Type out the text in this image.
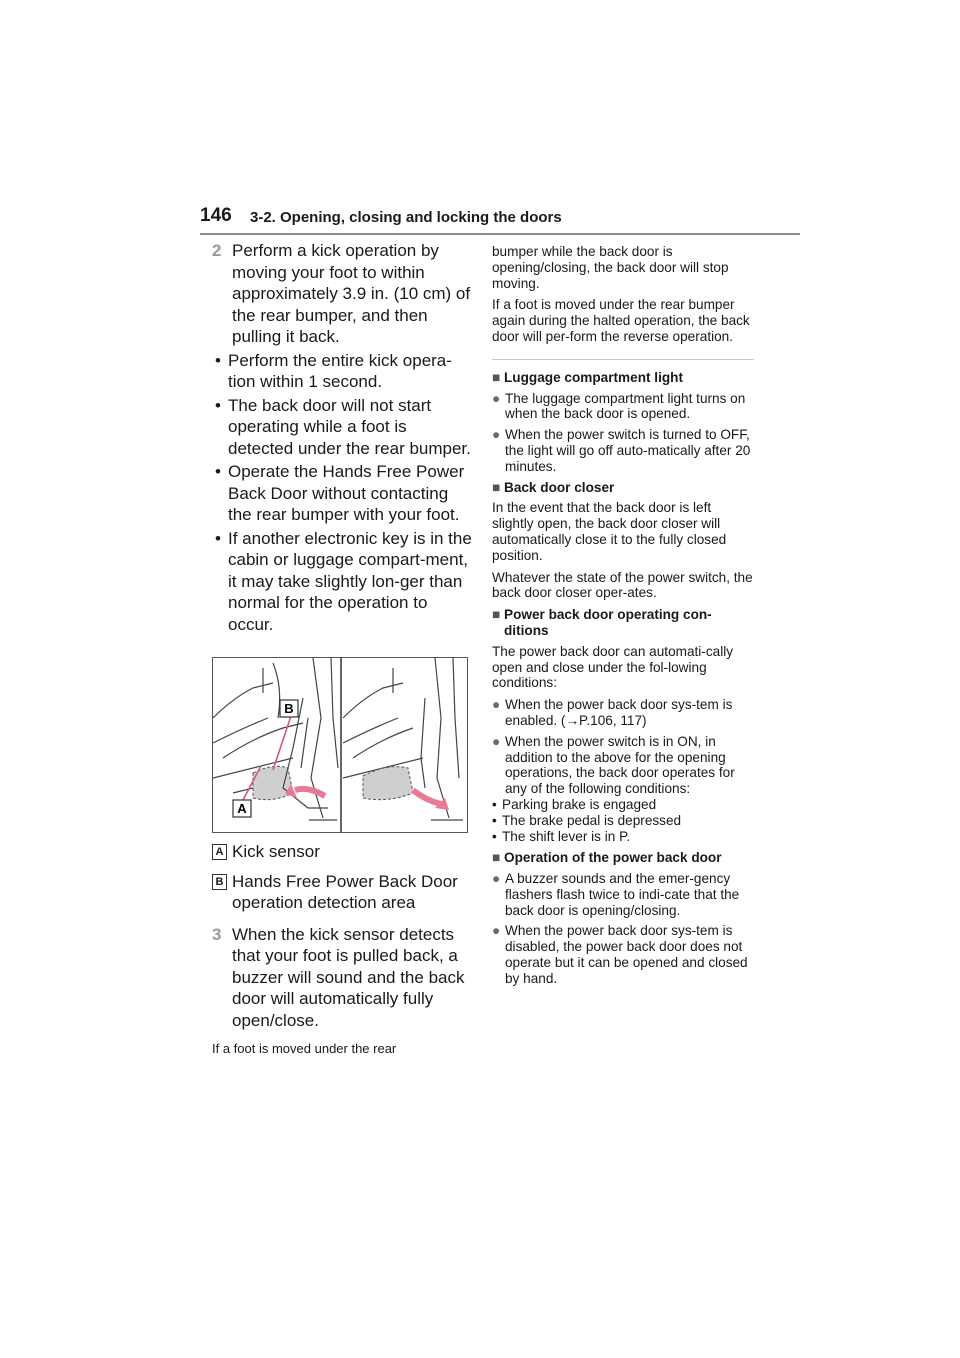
146 3-2. Opening, closing and locking the doors
2 Perform a kick operation by moving your foot to within approximately 3.9 in. (10 cm) of the rear bumper, and then pulling it back.
• Perform the entire kick opera-tion within 1 second.
• The back door will not start operating while a foot is detected under the rear bumper.
• Operate the Hands Free Power Back Door without contacting the rear bumper with your foot.
• If another electronic key is in the cabin or luggage compart-ment, it may take slightly lon-ger than normal for the operation to occur.
B
A
A Kick sensor
B Hands Free Power Back Door operation detection area
3 When the kick sensor detects that your foot is pulled back, a buzzer will sound and the back door will automatically fully open/close.
If a foot is moved under the rear
bumper while the back door is opening/closing, the back door will stop moving.
If a foot is moved under the rear bumper again during the halted operation, the back door will per-form the reverse operation.
■ Luggage compartment light
● The luggage compartment light turns on when the back door is opened.
● When the power switch is turned to OFF, the light will go off auto-matically after 20 minutes.
■ Back door closer
In the event that the back door is left slightly open, the back door closer will automatically close it to the fully closed position.
Whatever the state of the power switch, the back door closer oper-ates.
■ Power back door operating con-ditions
The power back door can automati-cally open and close under the fol-lowing conditions:
● When the power back door sys-tem is enabled. (→P.106, 117)
● When the power switch is in ON, in addition to the above for the opening operations, the back door operates for any of the following conditions:
• Parking brake is engaged
• The brake pedal is depressed
• The shift lever is in P.
■ Operation of the power back door
● A buzzer sounds and the emer-gency flashers flash twice to indi-cate that the back door is opening/closing.
● When the power back door sys-tem is disabled, the power back door does not operate but it can be opened and closed by hand.
